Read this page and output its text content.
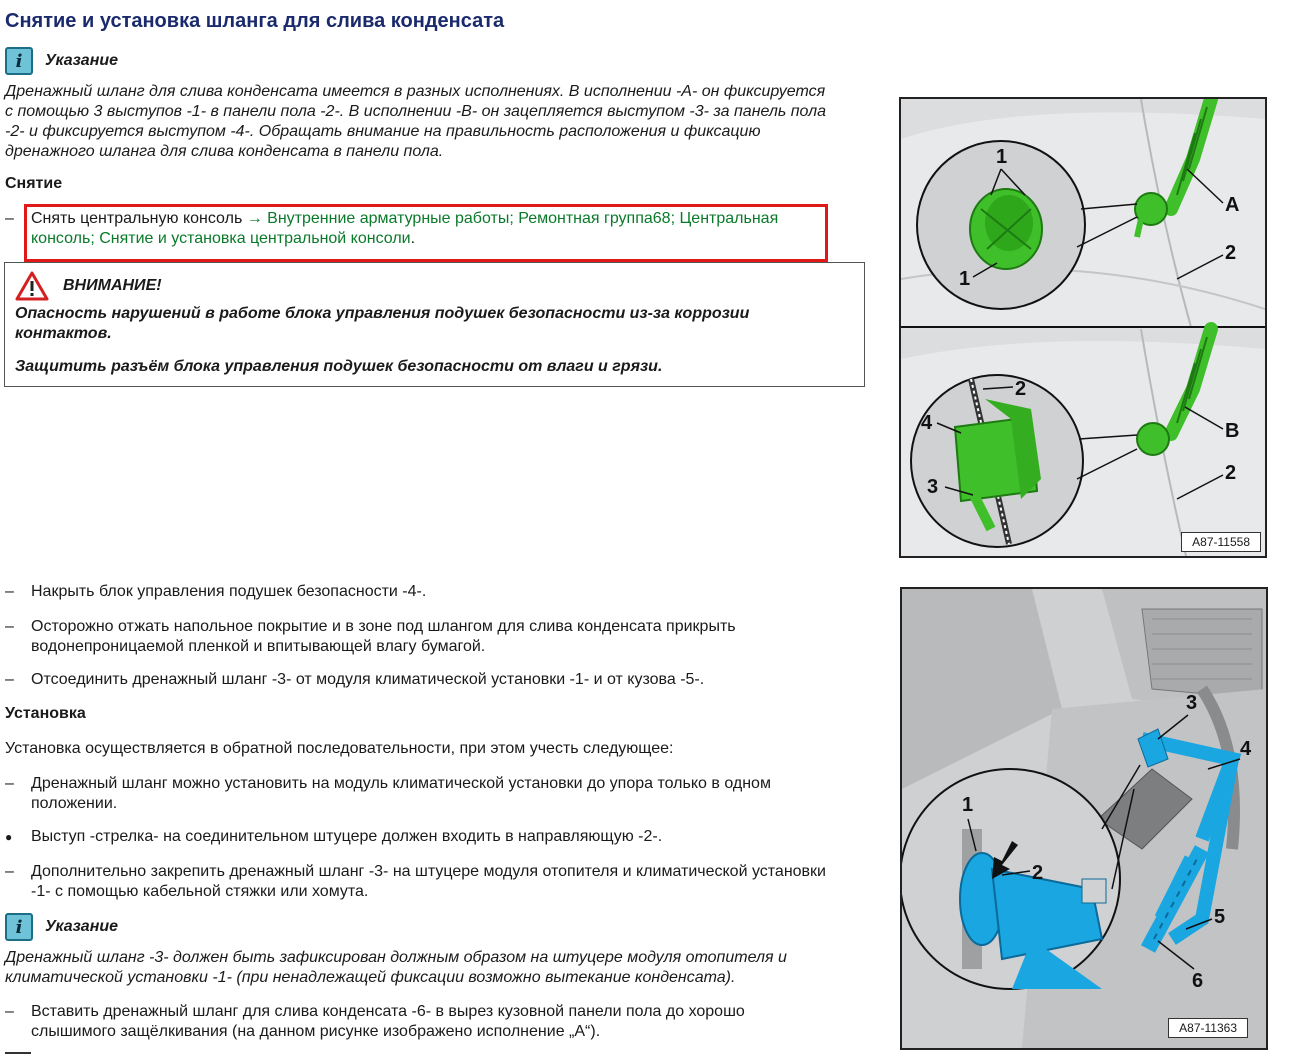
Снятие и установка шланга для слива конденсата
i Указание
Дренажный шланг для слива конденсата имеется в разных исполнениях. В исполнении -А- он фиксируется
с помощью 3 выступов -1- в панели пола -2-. В исполнении -В- он зацепляется выступом -3- за панель пола
-2- и фиксируется выступом -4-. Обращать внимание на правильность расположения и фиксацию
дренажного шланга для слива конденсата в панели пола.
Снятие
–	Снять центральную консоль → Внутренние арматурные работы; Ремонтная группа68; Центральная
консоль; Снятие и установка центральной консоли.
ВНИМАНИЕ!
Опасность нарушений в работе блока управления подушек безопасности из-за коррозии
контактов.
Защитить разъём блока управления подушек безопасности от влаги и грязи.
–	Накрыть блок управления подушек безопасности -4-.
–	Осторожно отжать напольное покрытие и в зоне под шлангом для слива конденсата прикрыть
водонепроницаемой пленкой и впитывающей влагу бумагой.
–	Отсоединить дренажный шланг -3- от модуля климатической установки -1- и от кузова -5-.
Установка
Установка осуществляется в обратной последовательности, при этом учесть следующее:
–	Дренажный шланг можно установить на модуль климатической установки до упора только в одном
положении.
●	Выступ -стрелка- на соединительном штуцере должен входить в направляющую -2-.
–	Дополнительно закрепить дренажный шланг -3- на штуцере модуля отопителя и климатической установки
-1- с помощью кабельной стяжки или хомута.
i Указание
Дренажный шланг -3- должен быть зафиксирован должным образом на штуцере модуля отопителя и
климатической установки -1- (при ненадлежащей фиксации возможно вытекание конденсата).
–	Вставить дренажный шланг для слива конденсата -6- в вырез кузовной панели пола до хорошо
слышимого защёлкивания (на данном рисунке изображено исполнение „A“).
1
1
A
2
2
4
3
B
2
A87-11558
1
2
3
4
5
6
A87-11363
